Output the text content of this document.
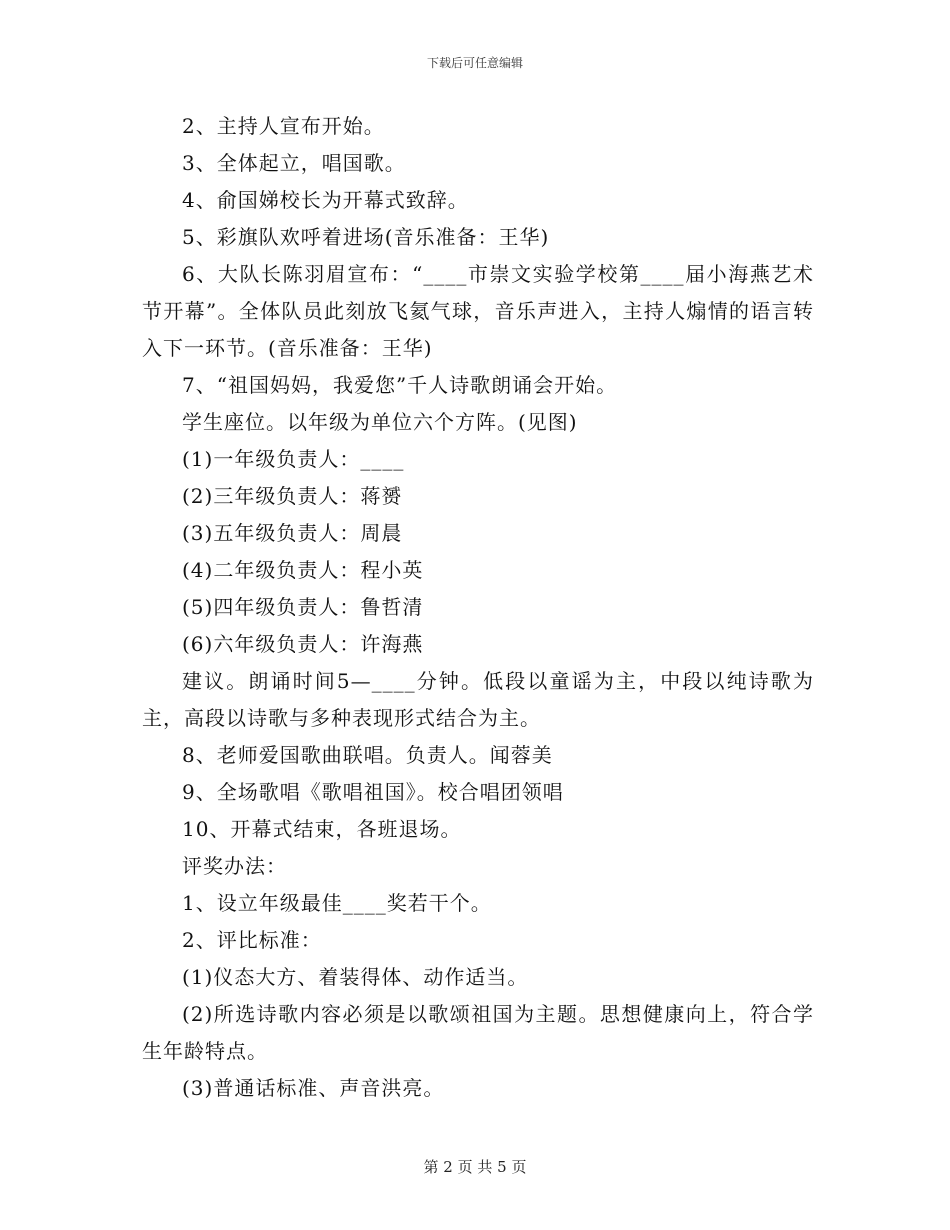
下载后可任意编辑

2、主持人宣布开始。

3、全体起立，唱国歌。

4、俞国娣校长为开幕式致辞。

5、彩旗队欢呼着进场(音乐准备：王华)

6、大队长陈羽眉宣布：“____市崇文实验学校第____届小海燕艺术节开幕”。全体队员此刻放飞氦气球，音乐声进入，主持人煽情的语言转入下一环节。(音乐准备：王华)

7、“祖国妈妈，我爱您”千人诗歌朗诵会开始。

学生座位。以年级为单位六个方阵。(见图)

(1)一年级负责人：____

(2)三年级负责人：蒋赟

(3)五年级负责人：周晨

(4)二年级负责人：程小英

(5)四年级负责人：鲁哲清

(6)六年级负责人：许海燕

建议。朗诵时间5—____分钟。低段以童谣为主，中段以纯诗歌为主，高段以诗歌与多种表现形式结合为主。

8、老师爱国歌曲联唱。负责人。闻蓉美

9、全场歌唱《歌唱祖国》。校合唱团领唱

10、开幕式结束，各班退场。

评奖办法：

1、设立年级最佳____奖若干个。

2、评比标准：

(1)仪态大方、着装得体、动作适当。

(2)所选诗歌内容必须是以歌颂祖国为主题。思想健康向上，符合学生年龄特点。

(3)普通话标准、声音洪亮。

第 2 页 共 5 页
